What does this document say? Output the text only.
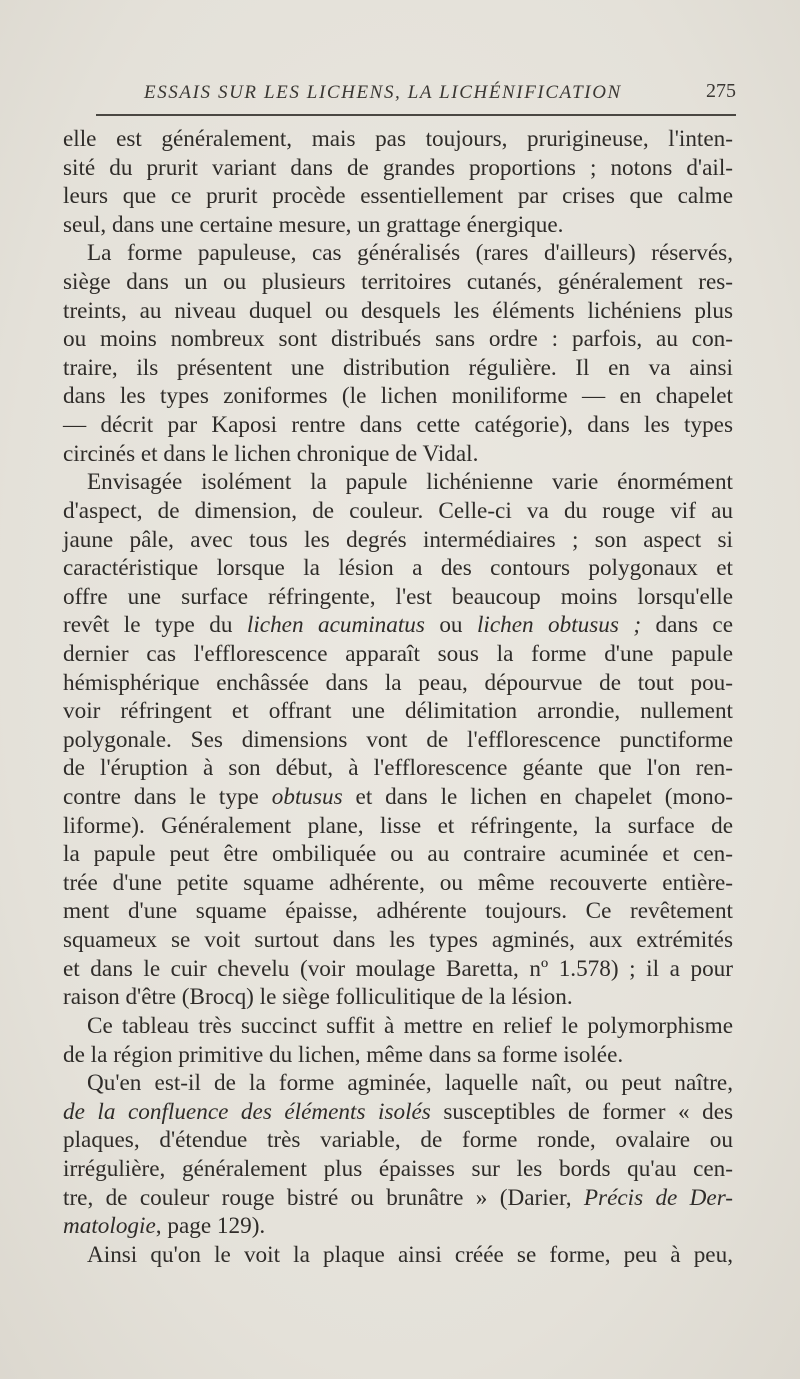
ESSAIS SUR LES LICHENS, LA LICHÉNIFICATION	275
elle est généralement, mais pas toujours, prurigineuse, l'inten-
sité du prurit variant dans de grandes proportions ; notons d'ail-
leurs que ce prurit procède essentiellement par crises que calme
seul, dans une certaine mesure, un grattage énergique.
La forme papuleuse, cas généralisés (rares d'ailleurs) réservés,
siège dans un ou plusieurs territoires cutanés, généralement res-
treints, au niveau duquel ou desquels les éléments lichéniens plus
ou moins nombreux sont distribués sans ordre : parfois, au con-
traire, ils présentent une distribution régulière. Il en va ainsi
dans les types zoniformes (le lichen moniliforme — en chapelet
— décrit par Kaposi rentre dans cette catégorie), dans les types
circinés et dans le lichen chronique de Vidal.
Envisagée isolément la papule lichénienne varie énormément
d'aspect, de dimension, de couleur. Celle-ci va du rouge vif au
jaune pâle, avec tous les degrés intermédiaires ; son aspect si
caractéristique lorsque la lésion a des contours polygonaux et
offre une surface réfringente, l'est beaucoup moins lorsqu'elle
revêt le type du lichen acuminatus ou lichen obtusus ; dans ce
dernier cas l'efflorescence apparaît sous la forme d'une papule
hémisphérique enchâssée dans la peau, dépourvue de tout pou-
voir réfringent et offrant une délimitation arrondie, nullement
polygonale. Ses dimensions vont de l'efflorescence punctiforme
de l'éruption à son début, à l'efflorescence géante que l'on ren-
contre dans le type obtusus et dans le lichen en chapelet (mono-
liforme). Généralement plane, lisse et réfringente, la surface de
la papule peut être ombiliquée ou au contraire acuminée et cen-
trée d'une petite squame adhérente, ou même recouverte entière-
ment d'une squame épaisse, adhérente toujours. Ce revêtement
squameux se voit surtout dans les types agminés, aux extrémités
et dans le cuir chevelu (voir moulage Baretta, nº 1.578) ; il a pour
raison d'être (Brocq) le siège folliculitique de la lésion.
Ce tableau très succinct suffit à mettre en relief le polymorphisme
de la région primitive du lichen, même dans sa forme isolée.
Qu'en est-il de la forme agminée, laquelle naît, ou peut naître,
de la confluence des éléments isolés susceptibles de former « des
plaques, d'étendue très variable, de forme ronde, ovalaire ou
irrégulière, généralement plus épaisses sur les bords qu'au cen-
tre, de couleur rouge bistré ou brunâtre » (Darier, Précis de Der-
matologie, page 129).
Ainsi qu'on le voit la plaque ainsi créée se forme, peu à peu,
